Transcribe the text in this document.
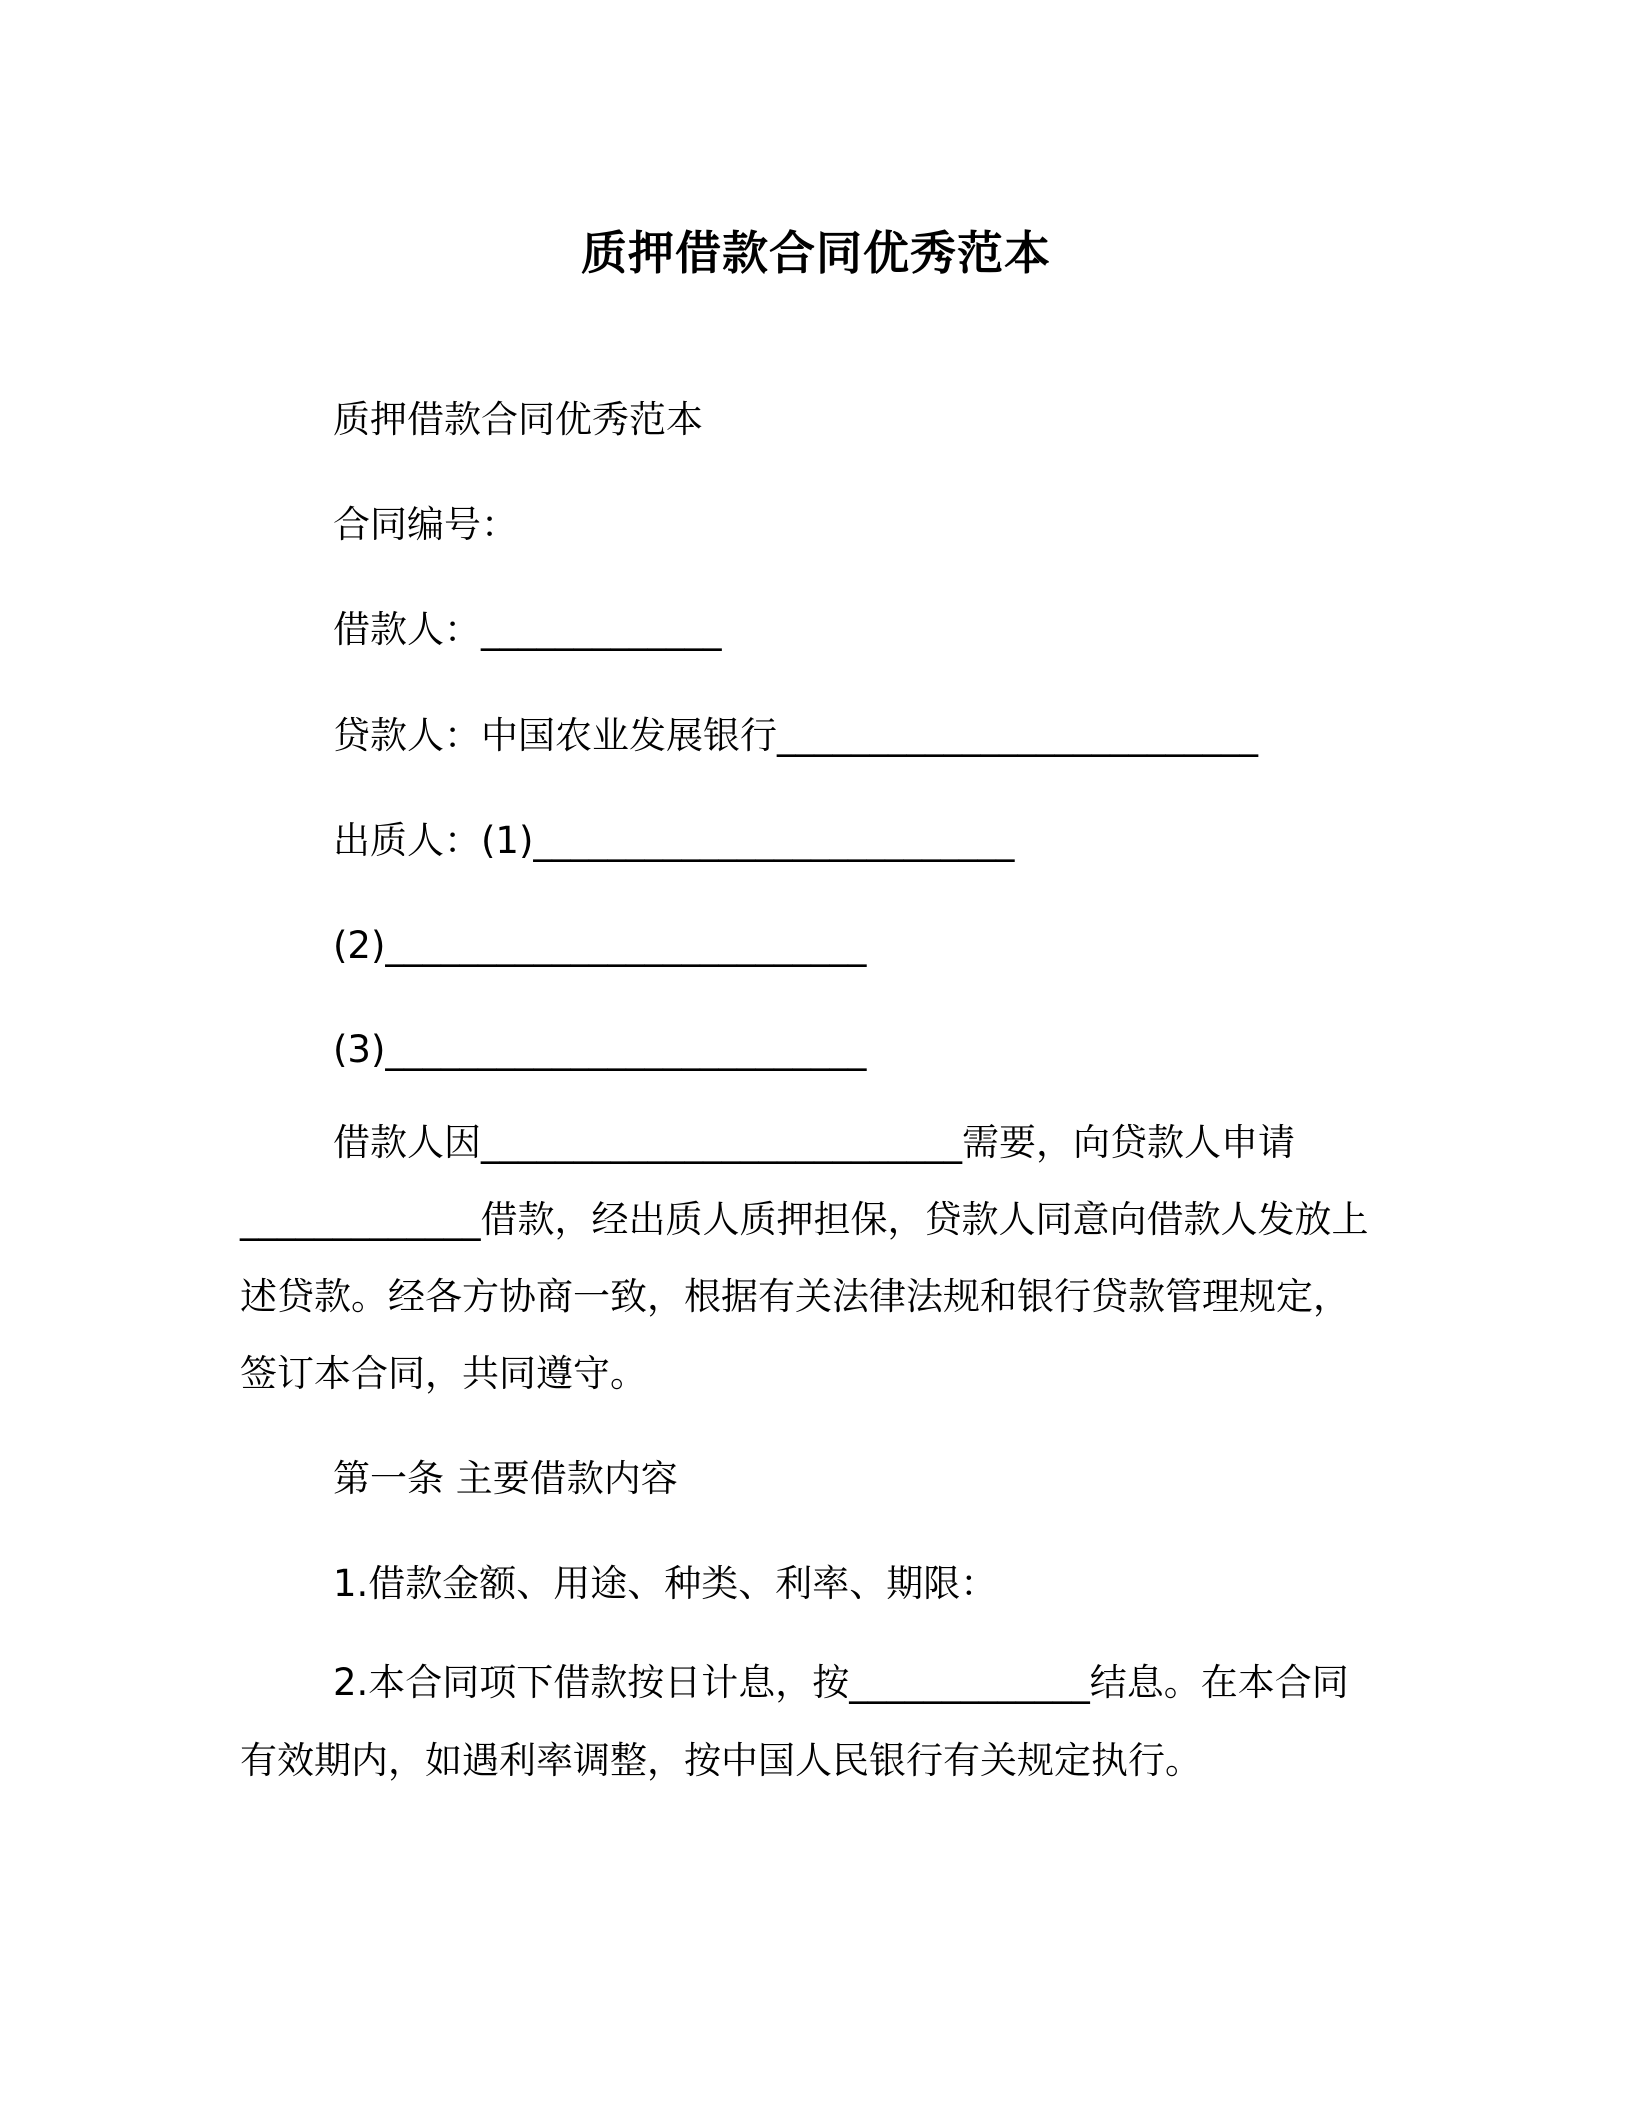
质押借款合同优秀范本

质押借款合同优秀范本

合同编号：

借款人：_____________

贷款人：中国农业发展银行__________________________

出质人：(1)__________________________

(2)__________________________

(3)__________________________

借款人因__________________________需要，向贷款人申请

_____________借款，经出质人质押担保，贷款人同意向借款人发放上

述贷款。经各方协商一致，根据有关法律法规和银行贷款管理规定，

签订本合同，共同遵守。

第一条 主要借款内容

1.借款金额、用途、种类、利率、期限：

2.本合同项下借款按日计息，按_____________结息。在本合同

有效期内，如遇利率调整，按中国人民银行有关规定执行。
